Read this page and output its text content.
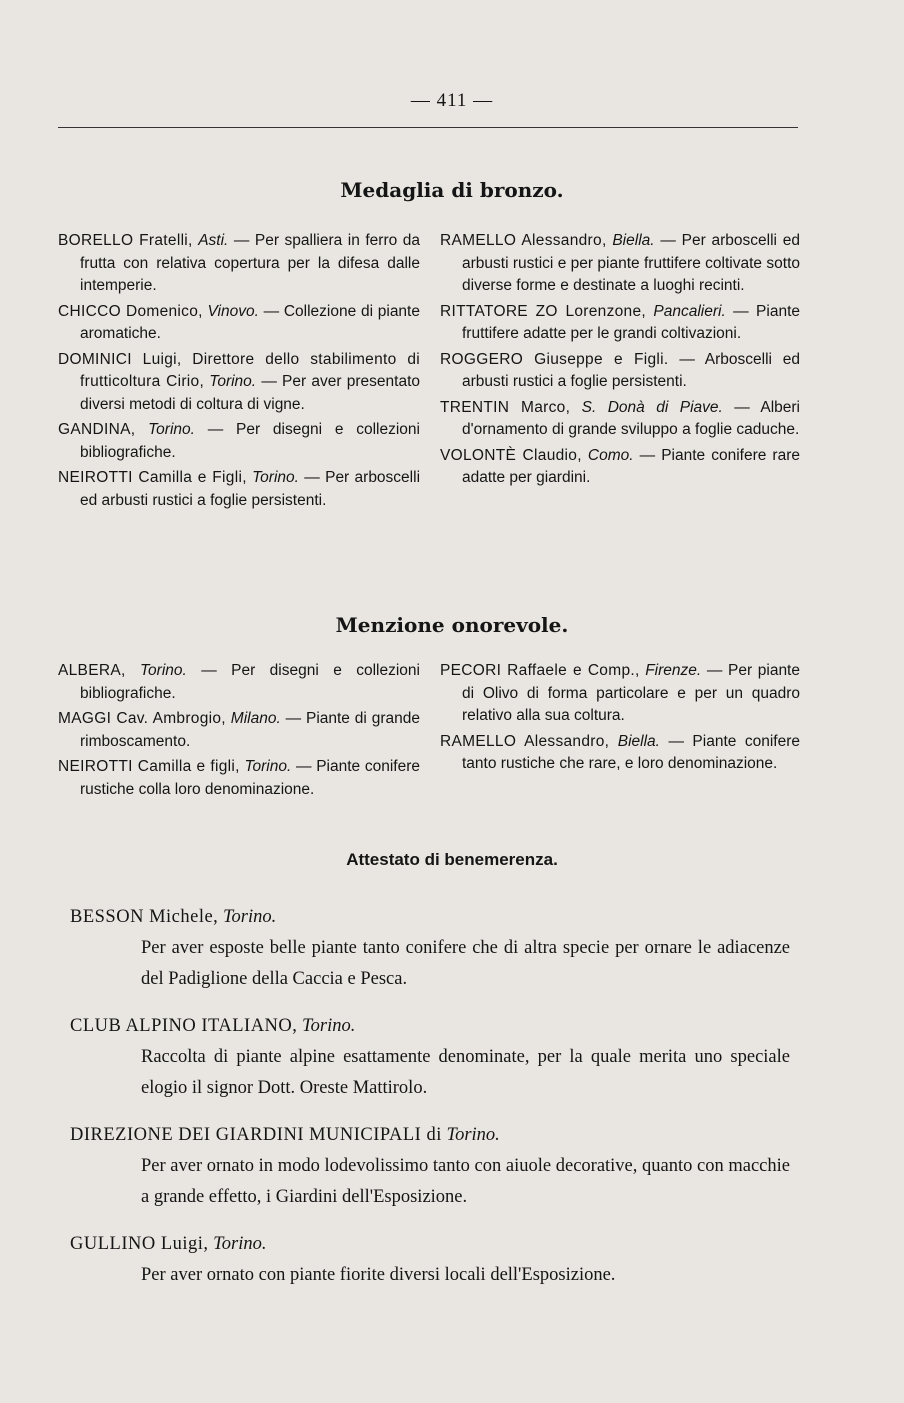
— 411 —
Medaglia di bronzo.

BORELLO Fratelli, Asti. — Per spalliera in ferro da frutta con relativa copertura per la difesa dalle intemperie.

CHICCO Domenico, Vinovo. — Collezione di piante aromatiche.

DOMINICI Luigi, Direttore dello stabilimento di frutticoltura Cirio, Torino. — Per aver presentato diversi metodi di coltura di vigne.

GANDINA, Torino. — Per disegni e collezioni bibliografiche.

NEIROTTI Camilla e Figli, Torino. — Per arboscelli ed arbusti rustici a foglie persistenti.

RAMELLO Alessandro, Biella. — Per arboscelli ed arbusti rustici e per piante fruttifere coltivate sotto diverse forme e destinate a luoghi recinti.

RITTATORE ZO Lorenzone, Pancalieri. — Piante fruttifere adatte per le grandi coltivazioni.

ROGGERO Giuseppe e Figli. — Arboscelli ed arbusti rustici a foglie persistenti.

TRENTIN Marco, S. Donà di Piave. — Alberi d'ornamento di grande sviluppo a foglie caduche.

VOLONTÈ Claudio, Como. — Piante conifere rare adatte per giardini.

Menzione onorevole.

ALBERA, Torino. — Per disegni e collezioni bibliografiche.

MAGGI Cav. Ambrogio, Milano. — Piante di grande rimboscamento.

NEIROTTI Camilla e figli, Torino. — Piante conifere rustiche colla loro denominazione.

PECORI Raffaele e Comp., Firenze. — Per piante di Olivo di forma particolare e per un quadro relativo alla sua coltura.

RAMELLO Alessandro, Biella. — Piante conifere tanto rustiche che rare, e loro denominazione.

Attestato di benemerenza.
BESSON Michele, Torino.
Per aver esposte belle piante tanto conifere che di altra specie per ornare le adiacenze del Padiglione della Caccia e Pesca.
CLUB ALPINO ITALIANO, Torino.
Raccolta di piante alpine esattamente denominate, per la quale merita uno speciale elogio il signor Dott. Oreste Mattirolo.
DIREZIONE DEI GIARDINI MUNICIPALI di Torino.
Per aver ornato in modo lodevolissimo tanto con aiuole decorative, quanto con macchie a grande effetto, i Giardini dell'Esposizione.
GULLINO Luigi, Torino.
Per aver ornato con piante fiorite diversi locali dell'Esposizione.
